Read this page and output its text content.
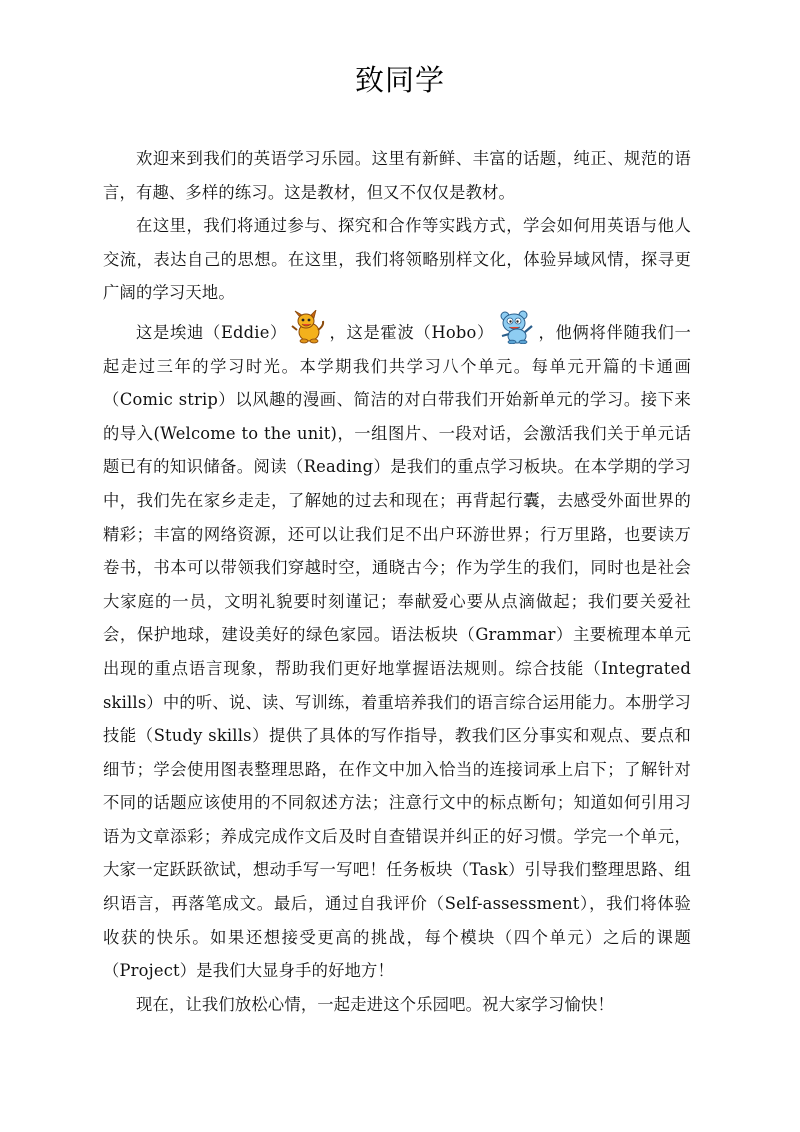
致同学

欢迎来到我们的英语学习乐园。这里有新鲜、丰富的话题，纯正、规范的语言，有趣、多样的练习。这是教材，但又不仅仅是教材。

在这里，我们将通过参与、探究和合作等实践方式，学会如何用英语与他人交流，表达自己的思想。在这里，我们将领略别样文化，体验异域风情，探寻更广阔的学习天地。

这是埃迪（Eddie）	，这是霍波（Hobo）	，他俩将伴随我们一起走过三年的学习时光。本学期我们共学习八个单元。每单元开篇的卡通画（Comic strip）以风趣的漫画、简洁的对白带我们开始新单元的学习。接下来的导入(Welcome to the unit)，一组图片、一段对话，会激活我们关于单元话题已有的知识储备。阅读（Reading）是我们的重点学习板块。在本学期的学习中，我们先在家乡走走，了解她的过去和现在；再背起行囊，去感受外面世界的精彩；丰富的网络资源，还可以让我们足不出户环游世界；行万里路，也要读万卷书，书本可以带领我们穿越时空，通晓古今；作为学生的我们，同时也是社会大家庭的一员，文明礼貌要时刻谨记；奉献爱心要从点滴做起；我们要关爱社会，保护地球，建设美好的绿色家园。语法板块（Grammar）主要梳理本单元出现的重点语言现象，帮助我们更好地掌握语法规则。综合技能（Integrated skills）中的听、说、读、写训练，着重培养我们的语言综合运用能力。本册学习技能（Study skills）提供了具体的写作指导，教我们区分事实和观点、要点和细节；学会使用图表整理思路，在作文中加入恰当的连接词承上启下；了解针对不同的话题应该使用的不同叙述方法；注意行文中的标点断句；知道如何引用习语为文章添彩；养成完成作文后及时自查错误并纠正的好习惯。学完一个单元，大家一定跃跃欲试，想动手写一写吧！任务板块（Task）引导我们整理思路、组织语言，再落笔成文。最后，通过自我评价（Self-assessment），我们将体验收获的快乐。如果还想接受更高的挑战，每个模块（四个单元）之后的课题（Project）是我们大显身手的好地方！

现在，让我们放松心情，一起走进这个乐园吧。祝大家学习愉快！
